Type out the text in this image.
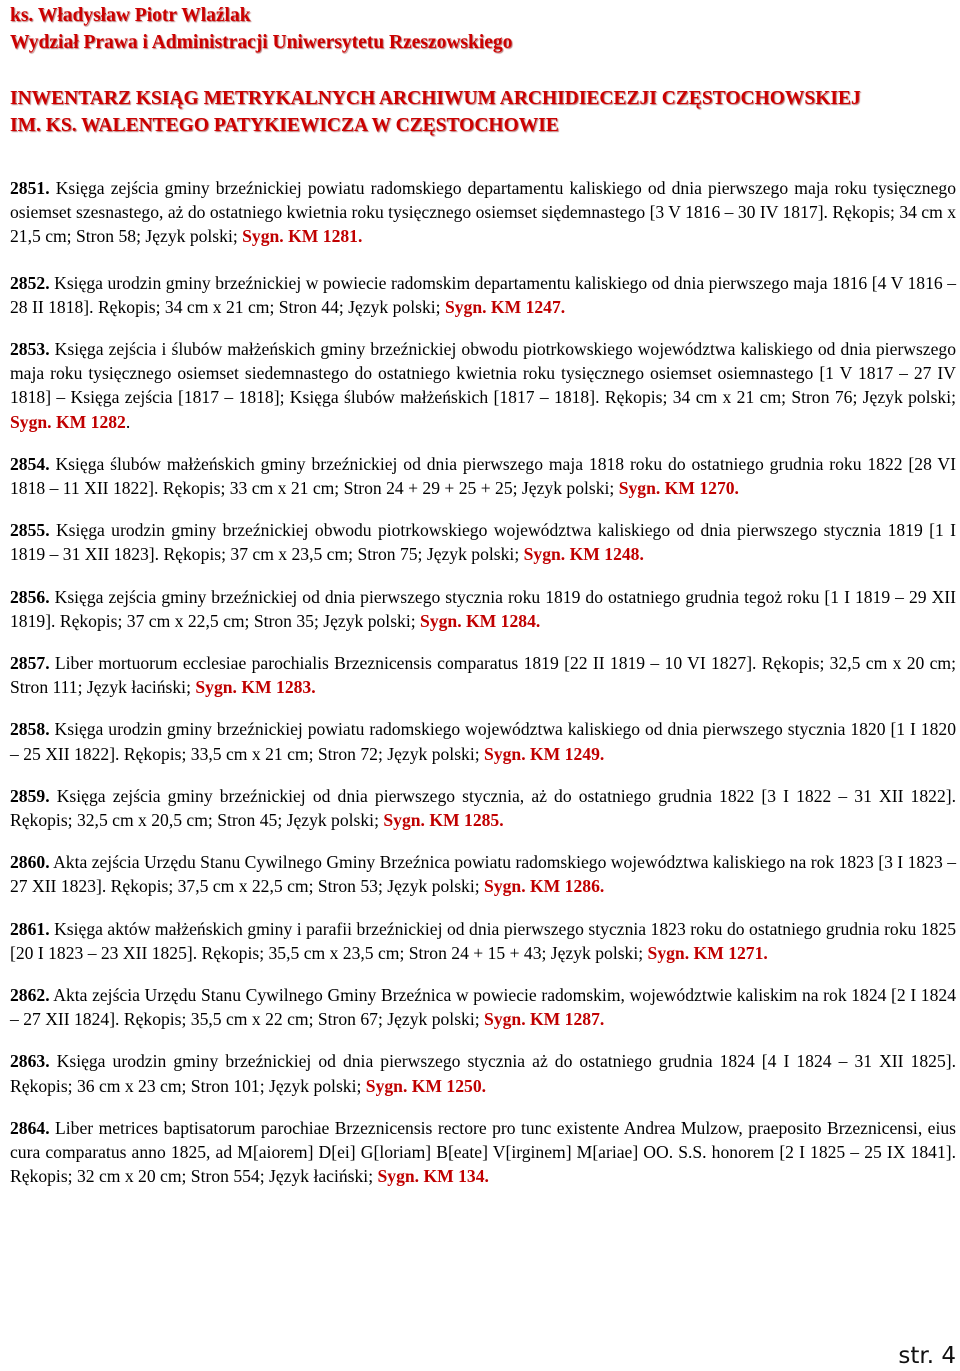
ks. Władysław Piotr Wlaźlak
Wydział Prawa i Administracji Uniwersytetu Rzeszowskiego
INWENTARZ KSIĄG METRYKALNYCH ARCHIWUM ARCHIDIECEZJI CZĘSTOCHOWSKIEJ
IM. KS. WALENTEGO PATYKIEWICZA W CZĘSTOCHOWIE

2851. Księga zejścia gminy brzeźnickiej powiatu radomskiego departamentu kaliskiego od dnia pierwszego maja roku tysięcznego osiemset szesnastego, aż do ostatniego kwietnia roku tysięcznego osiemset siędemnastego [3 V 1816 – 30 IV 1817]. Rękopis; 34 cm x 21,5 cm; Stron 58; Język polski; Sygn. KM 1281.

2852. Księga urodzin gminy brzeźnickiej w powiecie radomskim departamentu kaliskiego od dnia pierwszego maja 1816 [4 V 1816 – 28 II 1818]. Rękopis; 34 cm x 21 cm; Stron 44; Język polski; Sygn. KM 1247.

2853. Księga zejścia i ślubów małżeńskich gminy brzeźnickiej obwodu piotrkowskiego województwa kaliskiego od dnia pierwszego maja roku tysięcznego osiemset siedemnastego do ostatniego kwietnia roku tysięcznego osiemset osiemnastego [1 V 1817 – 27 IV 1818] – Księga zejścia [1817 – 1818]; Księga ślubów małżeńskich [1817 – 1818]. Rękopis; 34 cm x 21 cm; Stron 76; Język polski; Sygn. KM 1282.

2854. Księga ślubów małżeńskich gminy brzeźnickiej od dnia pierwszego maja 1818 roku do ostatniego grudnia roku 1822 [28 VI 1818 – 11 XII 1822]. Rękopis; 33 cm x 21 cm; Stron 24 + 29 + 25 + 25; Język polski; Sygn. KM 1270.

2855. Księga urodzin gminy brzeźnickiej obwodu piotrkowskiego województwa kaliskiego od dnia pierwszego stycznia 1819 [1 I 1819 – 31 XII 1823]. Rękopis; 37 cm x 23,5 cm; Stron 75; Język polski; Sygn. KM 1248.

2856. Księga zejścia gminy brzeźnickiej od dnia pierwszego stycznia roku 1819 do ostatniego grudnia tegoż roku [1 I 1819 – 29 XII 1819]. Rękopis; 37 cm x 22,5 cm; Stron 35; Język polski; Sygn. KM 1284.

2857. Liber mortuorum ecclesiae parochialis Brzeznicensis comparatus 1819 [22 II 1819 – 10 VI 1827]. Rękopis; 32,5 cm x 20 cm; Stron 111; Język łaciński; Sygn. KM 1283.

2858. Księga urodzin gminy brzeźnickiej powiatu radomskiego województwa kaliskiego od dnia pierwszego stycznia 1820 [1 I 1820 – 25 XII 1822]. Rękopis; 33,5 cm x 21 cm; Stron 72; Język polski; Sygn. KM 1249.

2859. Księga zejścia gminy brzeźnickiej od dnia pierwszego stycznia, aż do ostatniego grudnia 1822 [3 I 1822 – 31 XII 1822]. Rękopis; 32,5 cm x 20,5 cm; Stron 45; Język polski; Sygn. KM 1285.

2860. Akta zejścia Urzędu Stanu Cywilnego Gminy Brzeźnica powiatu radomskiego województwa kaliskiego na rok 1823 [3 I 1823 – 27 XII 1823]. Rękopis; 37,5 cm x 22,5 cm; Stron 53; Język polski; Sygn. KM 1286.

2861. Księga aktów małżeńskich gminy i parafii brzeźnickiej od dnia pierwszego stycznia 1823 roku do ostatniego grudnia roku 1825 [20 I 1823 – 23 XII 1825]. Rękopis; 35,5 cm x 23,5 cm; Stron 24 + 15 + 43; Język polski; Sygn. KM 1271.

2862. Akta zejścia Urzędu Stanu Cywilnego Gminy Brzeźnica w powiecie radomskim, województwie kaliskim na rok 1824 [2 I 1824 – 27 XII 1824]. Rękopis; 35,5 cm x 22 cm; Stron 67; Język polski; Sygn. KM 1287.

2863. Księga urodzin gminy brzeźnickiej od dnia pierwszego stycznia aż do ostatniego grudnia 1824 [4 I 1824 – 31 XII 1825]. Rękopis; 36 cm x 23 cm; Stron 101; Język polski; Sygn. KM 1250.

2864. Liber metrices baptisatorum parochiae Brzeznicensis rectore pro tunc existente Andrea Mulzow, praeposito Brzeznicensi, eius cura comparatus anno 1825, ad M[aiorem] D[ei] G[loriam] B[eate] V[irginem] M[ariae] OO. S.S. honorem [2 I 1825 – 25 IX 1841]. Rękopis; 32 cm x 20 cm; Stron 554; Język łaciński; Sygn. KM 134.

str. 4
